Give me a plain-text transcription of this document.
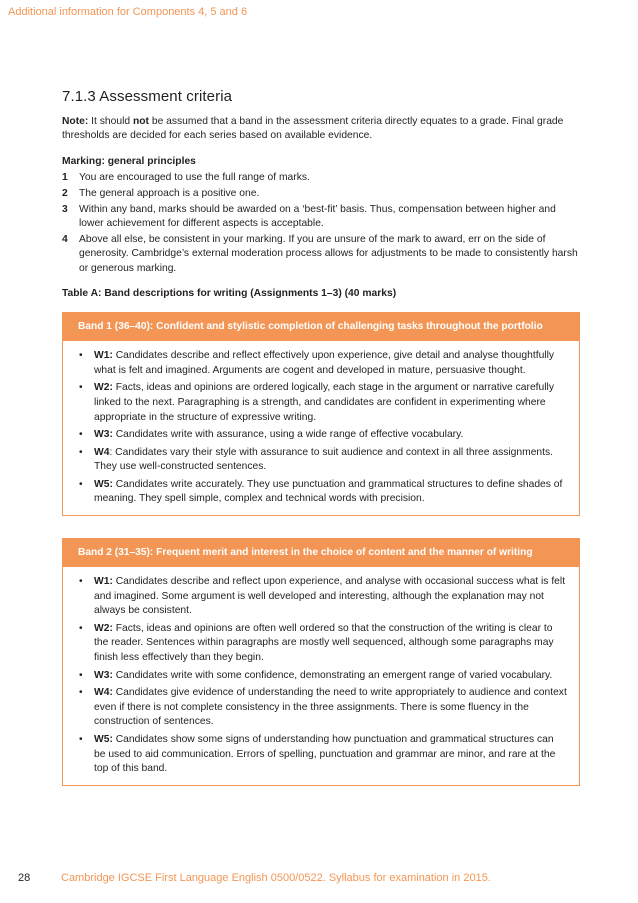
Additional information for Components 4, 5 and 6
7.1.3 Assessment criteria

Note: It should not be assumed that a band in the assessment criteria directly equates to a grade. Final grade thresholds are decided for each series based on available evidence.

Marking: general principles

1 You are encouraged to use the full range of marks.
2 The general approach is a positive one.
3 Within any band, marks should be awarded on a ‘best-fit’ basis. Thus, compensation between higher and lower achievement for different aspects is acceptable.
4 Above all else, be consistent in your marking. If you are unsure of the mark to award, err on the side of generosity. Cambridge’s external moderation process allows for adjustments to be made to consistently harsh or generous marking.

Table A: Band descriptions for writing (Assignments 1–3) (40 marks)

Band 1 (36–40): Confident and stylistic completion of challenging tasks throughout the portfolio
• W1: Candidates describe and reflect effectively upon experience, give detail and analyse thoughtfully what is felt and imagined. Arguments are cogent and developed in mature, persuasive thought.
• W2: Facts, ideas and opinions are ordered logically, each stage in the argument or narrative carefully linked to the next. Paragraphing is a strength, and candidates are confident in experimenting where appropriate in the structure of expressive writing.
• W3: Candidates write with assurance, using a wide range of effective vocabulary.
• W4: Candidates vary their style with assurance to suit audience and context in all three assignments. They use well-constructed sentences.
• W5: Candidates write accurately. They use punctuation and grammatical structures to define shades of meaning. They spell simple, complex and technical words with precision.
Band 2 (31–35): Frequent merit and interest in the choice of content and the manner of writing
• W1: Candidates describe and reflect upon experience, and analyse with occasional success what is felt and imagined. Some argument is well developed and interesting, although the explanation may not always be consistent.
• W2: Facts, ideas and opinions are often well ordered so that the construction of the writing is clear to the reader. Sentences within paragraphs are mostly well sequenced, although some paragraphs may finish less effectively than they begin.
• W3: Candidates write with some confidence, demonstrating an emergent range of varied vocabulary.
• W4: Candidates give evidence of understanding the need to write appropriately to audience and context even if there is not complete consistency in the three assignments. There is some fluency in the construction of sentences.
• W5: Candidates show some signs of understanding how punctuation and grammatical structures can be used to aid communication. Errors of spelling, punctuation and grammar are minor, and rare at the top of this band.
28	Cambridge IGCSE First Language English 0500/0522. Syllabus for examination in 2015.
